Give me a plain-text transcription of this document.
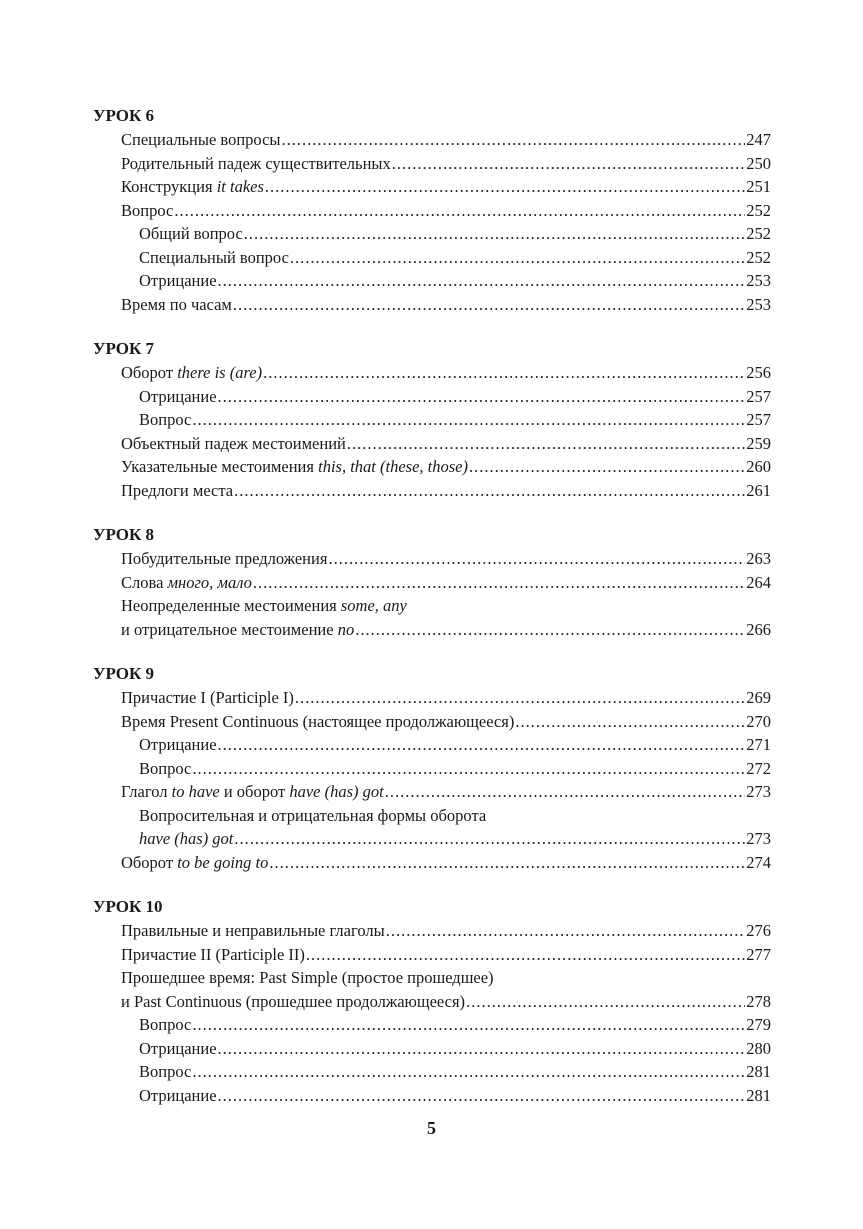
УРОК 6
Специальные вопросы .....	247
Родительный падеж существительных .....	250
Конструкция it takes .....	251
Вопрос .....	252
Общий вопрос .....	252
Специальный вопрос .....	252
Отрицание .....	253
Время по часам .....	253
УРОК 7
Оборот there is (are) .....	256
Отрицание .....	257
Вопрос .....	257
Объектный падеж местоимений .....	259
Указательные местоимения this, that (these, those) .....	260
Предлоги места .....	261
УРОК 8
Побудительные предложения .....	263
Слова много, мало .....	264
Неопределенные местоимения some, any
и отрицательное местоимение no .....	266
УРОК 9
Причастие I (Participle I) .....	269
Время Present Continuous (настоящее продолжающееся) .....	270
Отрицание .....	271
Вопрос .....	272
Глагол to have и оборот have (has) got .....	273
Вопросительная и отрицательная формы оборота
have (has) got .....	273
Оборот to be going to .....	274
УРОК 10
Правильные и неправильные глаголы .....	276
Причастие II (Participle II) .....	277
Прошедшее время: Past Simple (простое прошедшее)
и Past Continuous (прошедшее продолжающееся) .....	278
Вопрос .....	279
Отрицание .....	280
Вопрос .....	281
Отрицание .....	281
5
